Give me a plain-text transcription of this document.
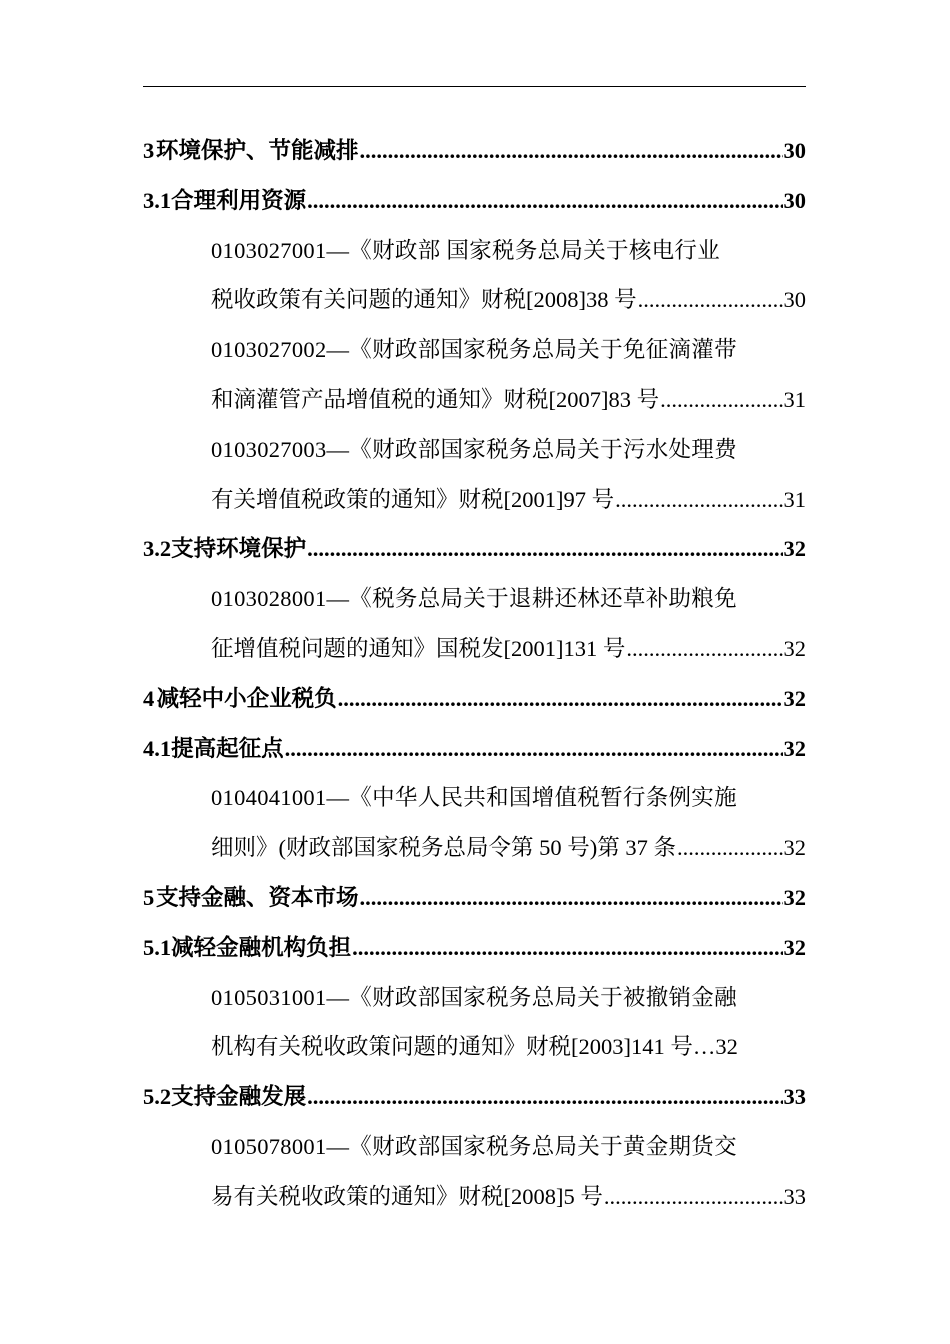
3 环境保护、节能减排 .....	30
3.1 合理利用资源 .....	30
0103027001—《财政部 国家税务总局关于核电行业
税收政策有关问题的通知》财税[2008]38 号 .....	30
0103027002—《财政部国家税务总局关于免征滴灌带
和滴灌管产品增值税的通知》财税[2007]83 号 .....	31
0103027003—《财政部国家税务总局关于污水处理费
有关增值税政策的通知》财税[2001]97 号 .....	31
3.2 支持环境保护 .....	32
0103028001—《税务总局关于退耕还林还草补助粮免
征增值税问题的通知》国税发[2001]131 号 .....	32
4 减轻中小企业税负 .....	32
4.1 提高起征点 .....	32
0104041001—《中华人民共和国增值税暂行条例实施
细则》(财政部国家税务总局令第 50 号)第 37 条 .....	32
5 支持金融、资本市场 .....	32
5.1 减轻金融机构负担 .....	32
0105031001—《财政部国家税务总局关于被撤销金融
机构有关税收政策问题的通知》财税[2003]141 号… 32
5.2 支持金融发展 .....	33
0105078001—《财政部国家税务总局关于黄金期货交
易有关税收政策的通知》财税[2008]5 号 .....	33
